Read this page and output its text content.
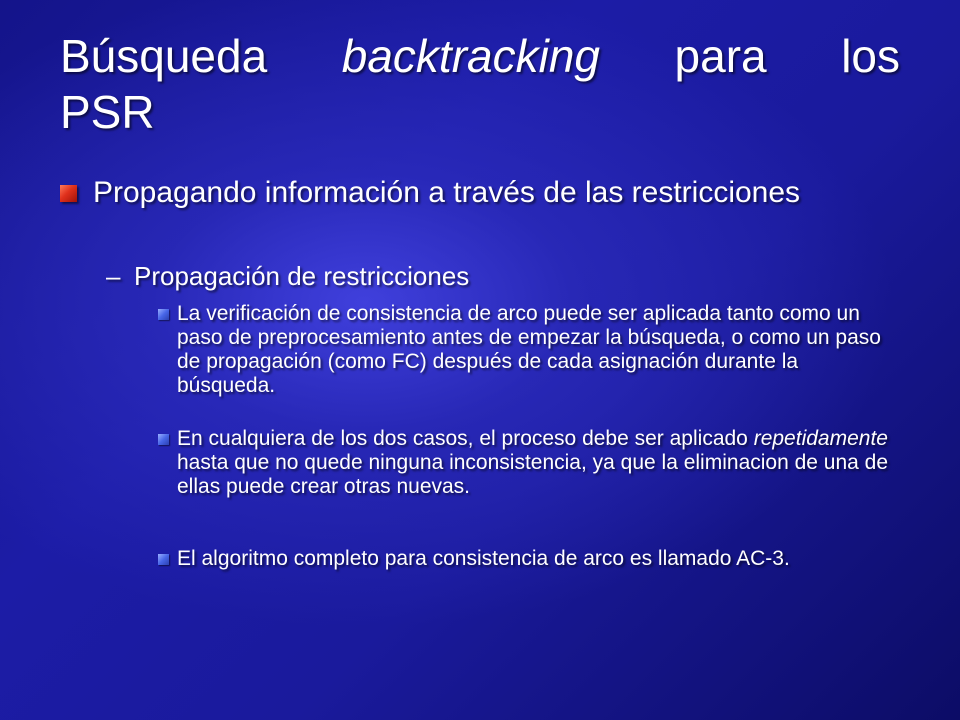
Búsqueda backtracking para los
PSR
Propagando información a través de las restricciones
– Propagación de restricciones
La verificación de consistencia de arco puede ser aplicada tanto como un paso de preprocesamiento antes de empezar la búsqueda, o como un paso de propagación (como FC) después de cada asignación durante la búsqueda.
En cualquiera de los dos casos, el proceso debe ser aplicado repetidamente hasta que no quede ninguna inconsistencia, ya que la eliminacion de una de ellas puede crear otras nuevas.
El algoritmo completo para consistencia de arco es llamado AC-3.
